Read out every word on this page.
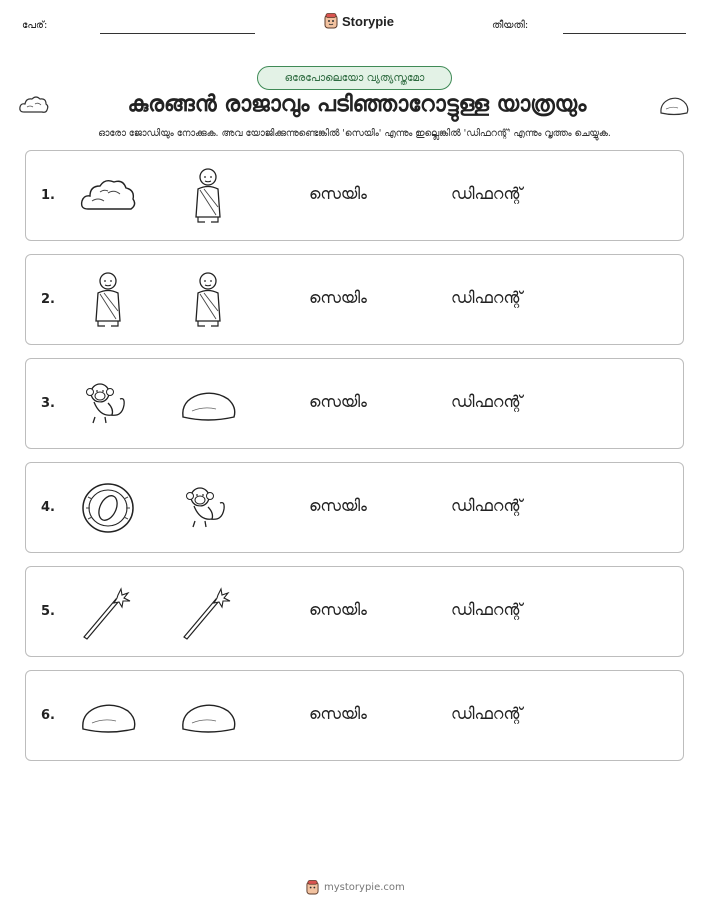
പേര്:	Storypie	തീയതി:
ഒരേപോലെയോ വ്യത്യസ്തമോ
കുരങ്ങൻ രാജാവും പടിഞ്ഞാറോട്ടുള്ള യാത്രയും
ഓരോ ജോഡിയും നോക്കുക. അവ യോജിക്കുന്നുണ്ടെങ്കിൽ 'സെയിം' എന്നും ഇല്ലെങ്കിൽ 'ഡിഫറന്റ്' എന്നും വൃത്തം ചെയ്യുക.
1.	സെയിം	ഡിഫറന്റ്
2.	സെയിം	ഡിഫറന്റ്
3.	സെയിം	ഡിഫറന്റ്
4.	സെയിം	ഡിഫറന്റ്
5.	സെയിം	ഡിഫറന്റ്
6.	സെയിം	ഡിഫറന്റ്
mystorypie.com
